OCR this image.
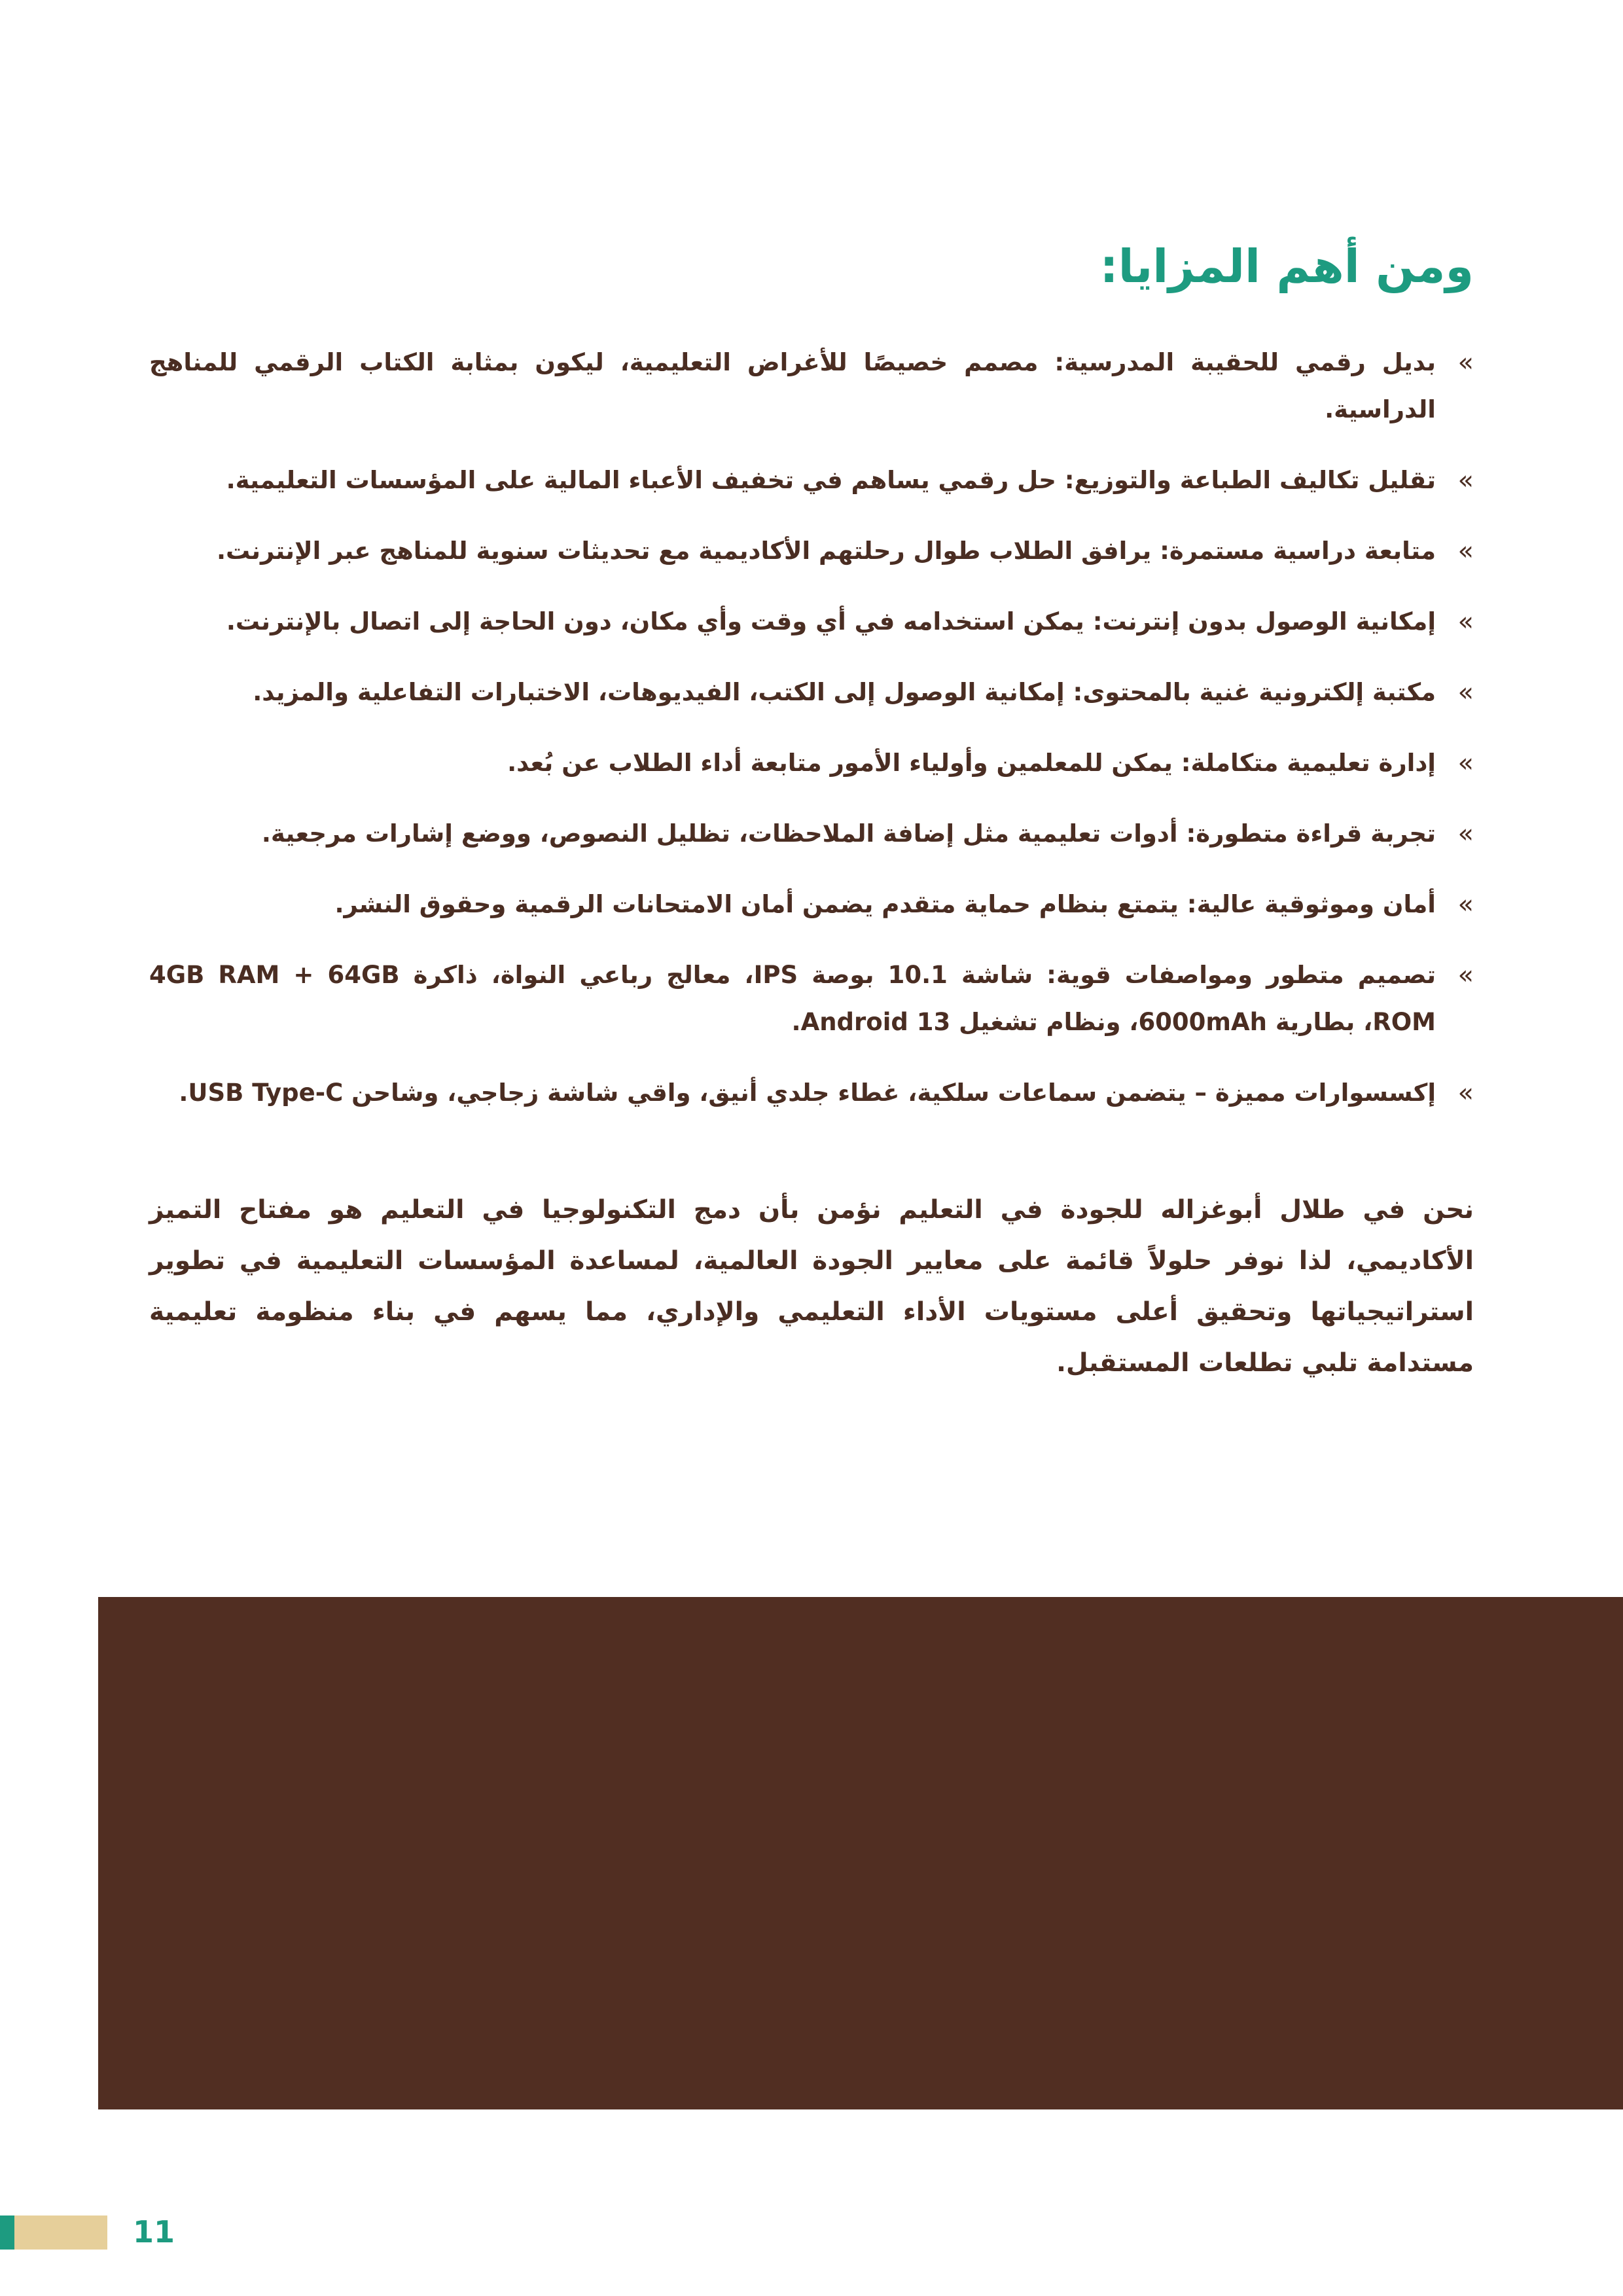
ومن أهم المزايا:
»
بديل رقمي للحقيبة المدرسية: مصمم خصيصًا للأغراض التعليمية، ليكون بمثابة الكتاب الرقمي للمناهج الدراسية.
»
تقليل تكاليف الطباعة والتوزيع: حل رقمي يساهم في تخفيف الأعباء المالية على المؤسسات التعليمية.
»
متابعة دراسية مستمرة: يرافق الطلاب طوال رحلتهم الأكاديمية مع تحديثات سنوية للمناهج عبر الإنترنت.
»
إمكانية الوصول بدون إنترنت: يمكن استخدامه في أي وقت وأي مكان، دون الحاجة إلى اتصال بالإنترنت.
»
مكتبة إلكترونية غنية بالمحتوى: إمكانية الوصول إلى الكتب، الفيديوهات، الاختبارات التفاعلية والمزيد.
»
إدارة تعليمية متكاملة: يمكن للمعلمين وأولياء الأمور متابعة أداء الطلاب عن بُعد.
»
تجربة قراءة متطورة: أدوات تعليمية مثل إضافة الملاحظات، تظليل النصوص، ووضع إشارات مرجعية.
»
أمان وموثوقية عالية: يتمتع بنظام حماية متقدم يضمن أمان الامتحانات الرقمية وحقوق النشر.
»
تصميم متطور ومواصفات قوية: شاشة 10.1 بوصة IPS، معالج رباعي النواة، ذاكرة 4GB RAM + 64GB ROM، بطارية 6000mAh، ونظام تشغيل Android 13.
»
إكسسوارات مميزة – يتضمن سماعات سلكية، غطاء جلدي أنيق، واقي شاشة زجاجي، وشاحن USB Type-C.

نحن في طلال أبوغزاله للجودة في التعليم نؤمن بأن دمج التكنولوجيا في التعليم هو مفتاح التميز الأكاديمي، لذا نوفر حلولاً قائمة على معايير الجودة العالمية، لمساعدة المؤسسات التعليمية في تطوير استراتيجياتها وتحقيق أعلى مستويات الأداء التعليمي والإداري، مما يسهم في بناء منظومة تعليمية مستدامة تلبي تطلعات المستقبل.

11
